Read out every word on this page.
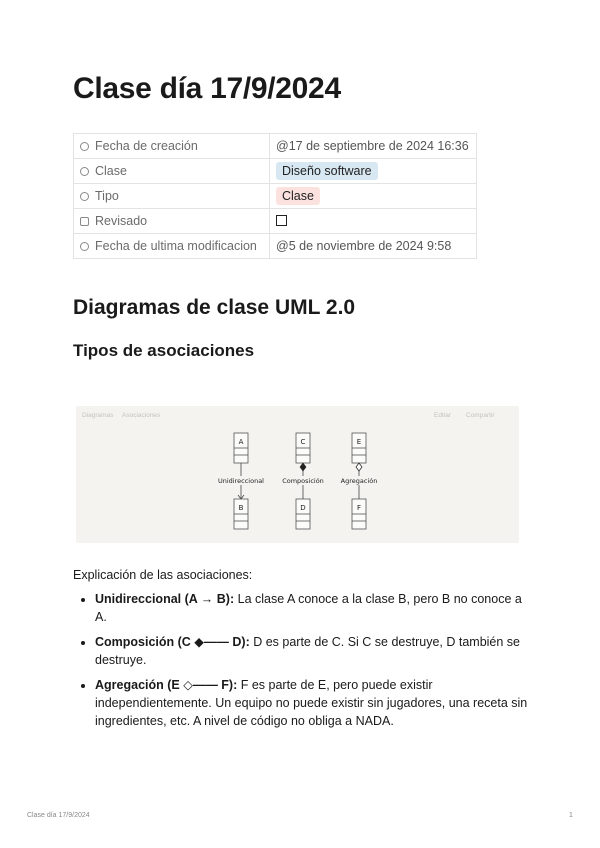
Clase día 17/9/2024
Fecha de creación	@17 de septiembre de 2024 16:36
Clase	Diseño software
Tipo	Clase
Revisado	
Fecha de ultima modificacion	@5 de noviembre de 2024 9:58
Diagramas de clase UML 2.0
Tipos de asociaciones
Diagramas Asociaciones	Editar Compartir
A
Unidireccional
B
C
Composición
D
E
Agregación
F

Explicación de las asociaciones:

• Unidireccional (A → B): La clase A conoce a la clase B, pero B no conoce a A.
• Composición (C ◆—— D): D es parte de C. Si C se destruye, D también se destruye.
• Agregación (E ◇—— F): F es parte de E, pero puede existir independientemente. Un equipo no puede existir sin jugadores, una receta sin ingredientes, etc. A nivel de código no obliga a NADA.
Clase día 17/9/2024	1
